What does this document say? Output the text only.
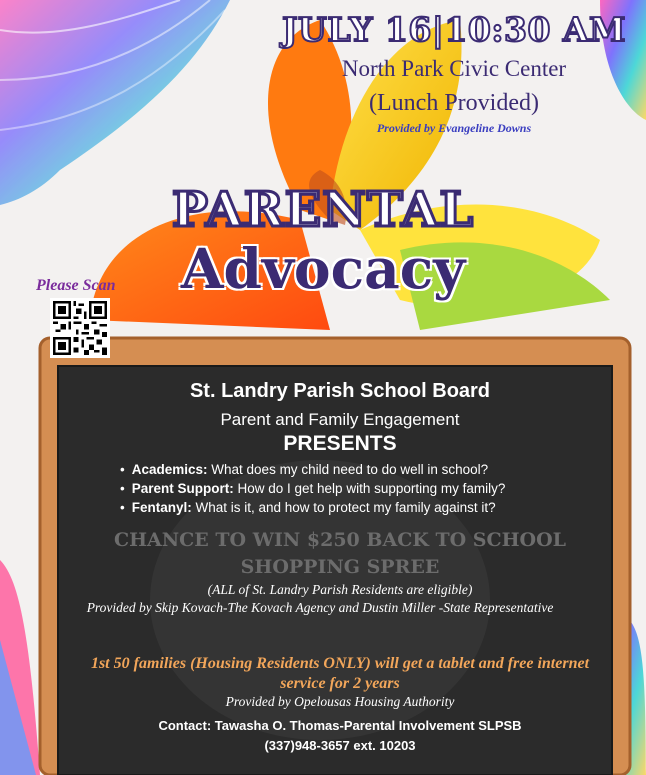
JULY 16|10:30 AM
North Park Civic Center
(Lunch Provided)
Provided by Evangeline Downs
PARENTAL
Advocacy
Please Scan
St. Landry Parish School Board
Parent and Family Engagement
PRESENTS
• Academics: What does my child need to do well in school?
• Parent Support: How do I get help with supporting my family?
• Fentanyl: What is it, and how to protect my family against it?
CHANCE TO WIN $250 BACK TO SCHOOL SHOPPING SPREE
(ALL of St. Landry Parish Residents are eligible)
Provided by Skip Kovach-The Kovach Agency and Dustin Miller -State Representative
1st 50 families (Housing Residents ONLY) will get a tablet and free internet service for 2 years
Provided by Opelousas Housing Authority
Contact: Tawasha O. Thomas-Parental Involvement SLPSB
(337)948-3657 ext. 10203
